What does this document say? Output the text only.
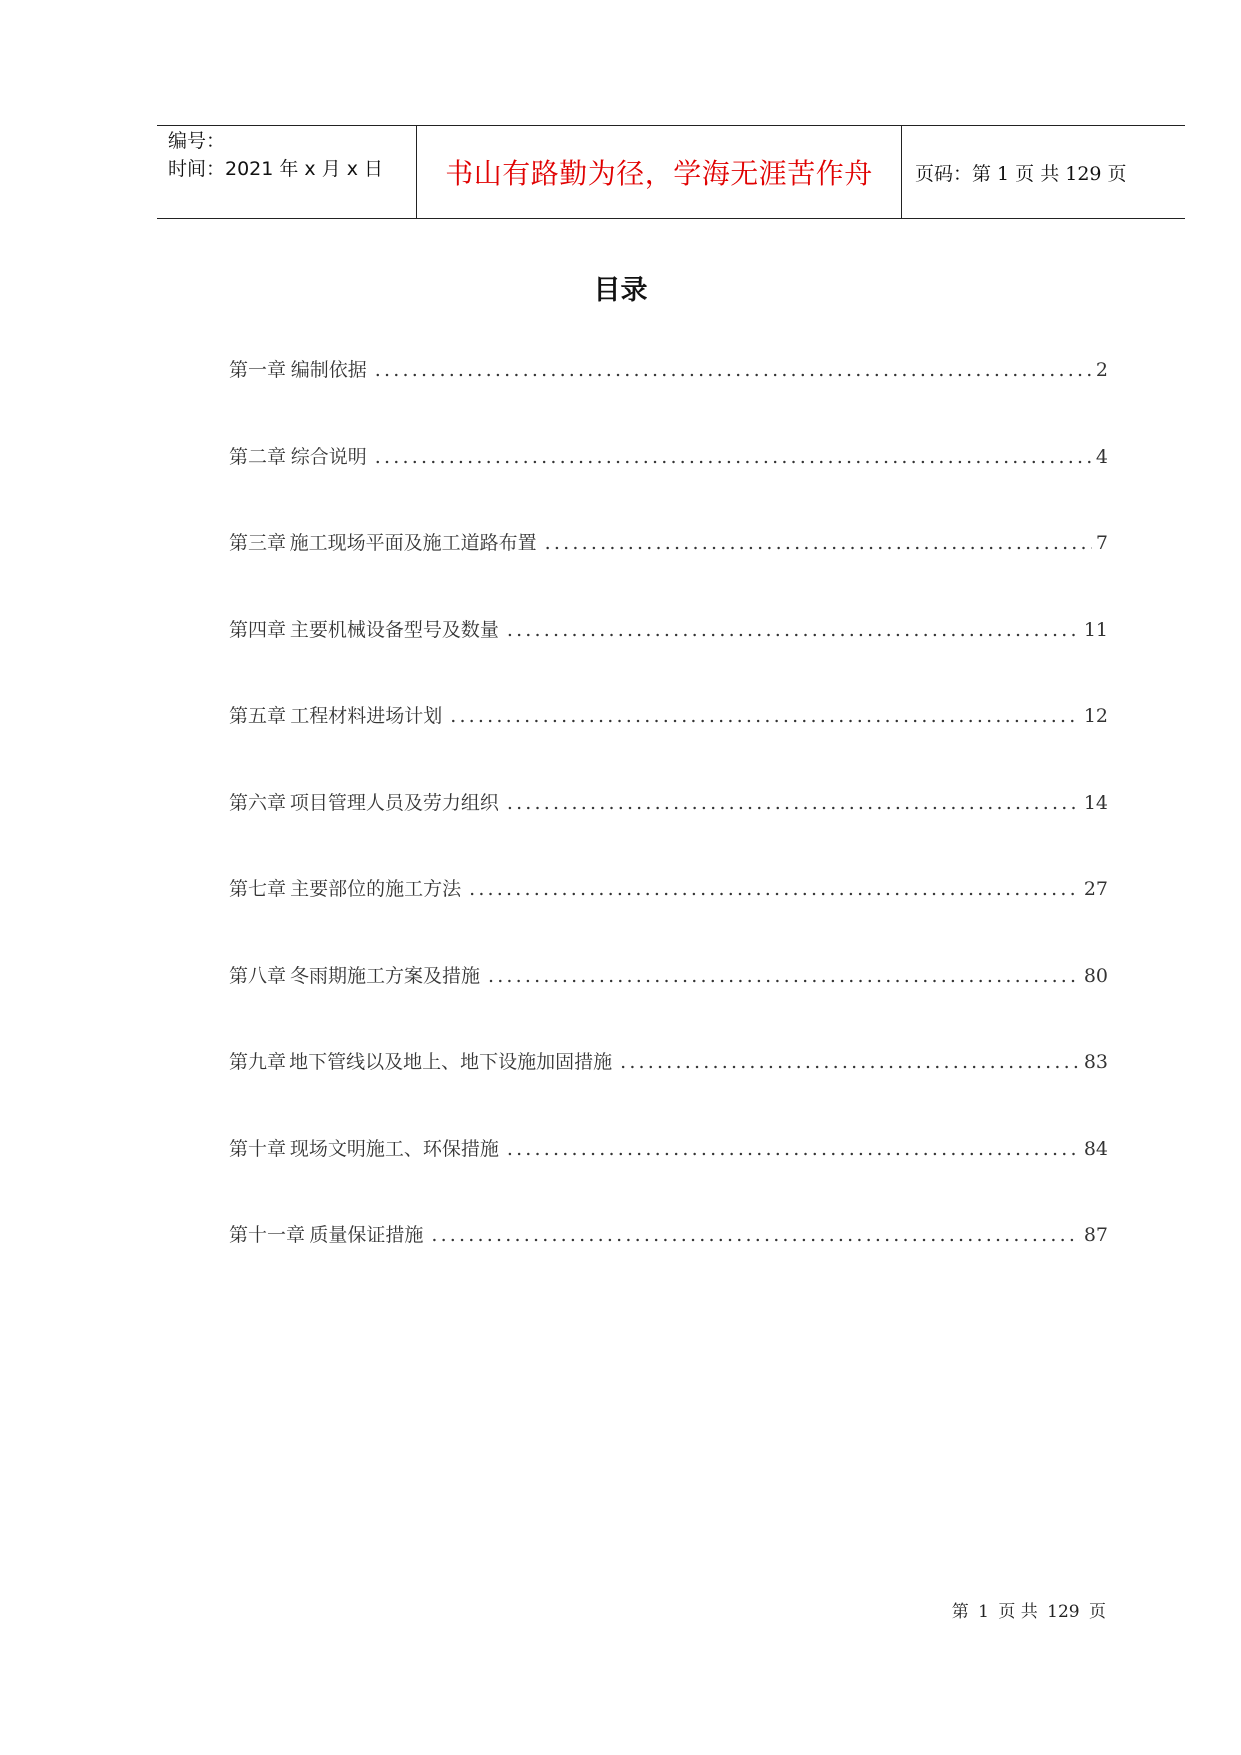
编号：
时间：2021 年 x 月 x 日	书山有路勤为径，学海无涯苦作舟	页码：第 1 页 共 129 页
目录
第一章 编制依据 .....	2
第二章 综合说明 .....	4
第三章 施工现场平面及施工道路布置 .....	7
第四章 主要机械设备型号及数量 .....	11
第五章 工程材料进场计划 .....	12
第六章 项目管理人员及劳力组织 .....	14
第七章 主要部位的施工方法 .....	27
第八章 冬雨期施工方案及措施 .....	80
第九章 地下管线以及地上、地下设施加固措施 .....	83
第十章 现场文明施工、环保措施 .....	84
第十一章 质量保证措施 .....	87
第 1 页 共 129 页
